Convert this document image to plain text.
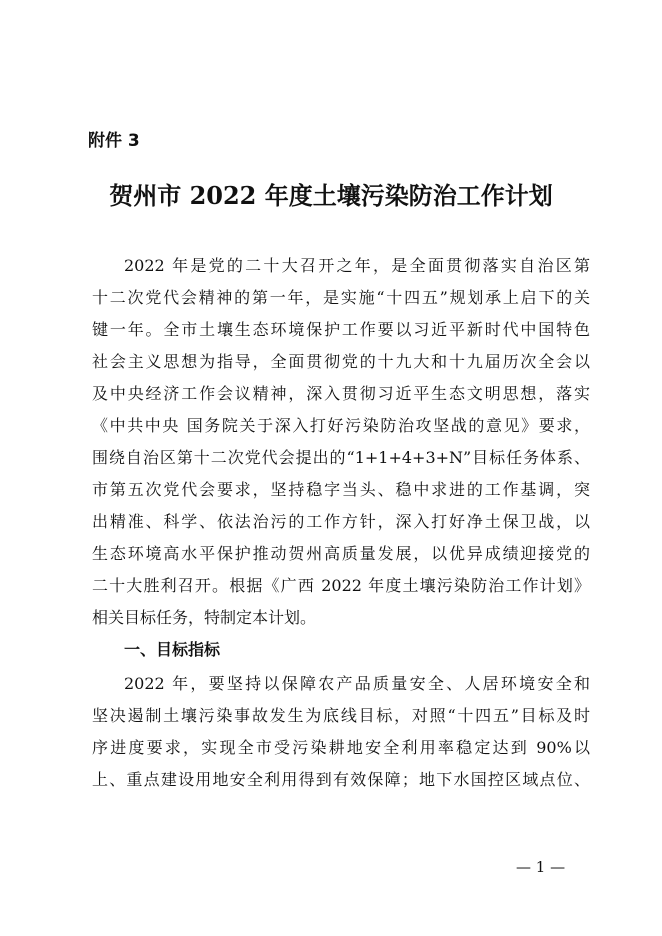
附件 3
贺州市 2022 年度土壤污染防治工作计划
2022 年是党的二十大召开之年，是全面贯彻落实自治区第
十二次党代会精神的第一年，是实施“十四五”规划承上启下的关
键一年。全市土壤生态环境保护工作要以习近平新时代中国特色
社会主义思想为指导，全面贯彻党的十九大和十九届历次全会以
及中央经济工作会议精神，深入贯彻习近平生态文明思想，落实
《中共中央 国务院关于深入打好污染防治攻坚战的意见》要求，
围绕自治区第十二次党代会提出的“1+1+4+3+N”目标任务体系、
市第五次党代会要求，坚持稳字当头、稳中求进的工作基调，突
出精准、科学、依法治污的工作方针，深入打好净土保卫战，以
生态环境高水平保护推动贺州高质量发展，以优异成绩迎接党的
二十大胜利召开。根据《广西 2022 年度土壤污染防治工作计划》
相关目标任务，特制定本计划。
一、目标指标
2022 年，要坚持以保障农产品质量安全、人居环境安全和
坚决遏制土壤污染事故发生为底线目标，对照“十四五”目标及时
序进度要求，实现全市受污染耕地安全利用率稳定达到 90%以
上、重点建设用地安全利用得到有效保障；地下水国控区域点位、
— 1 —
